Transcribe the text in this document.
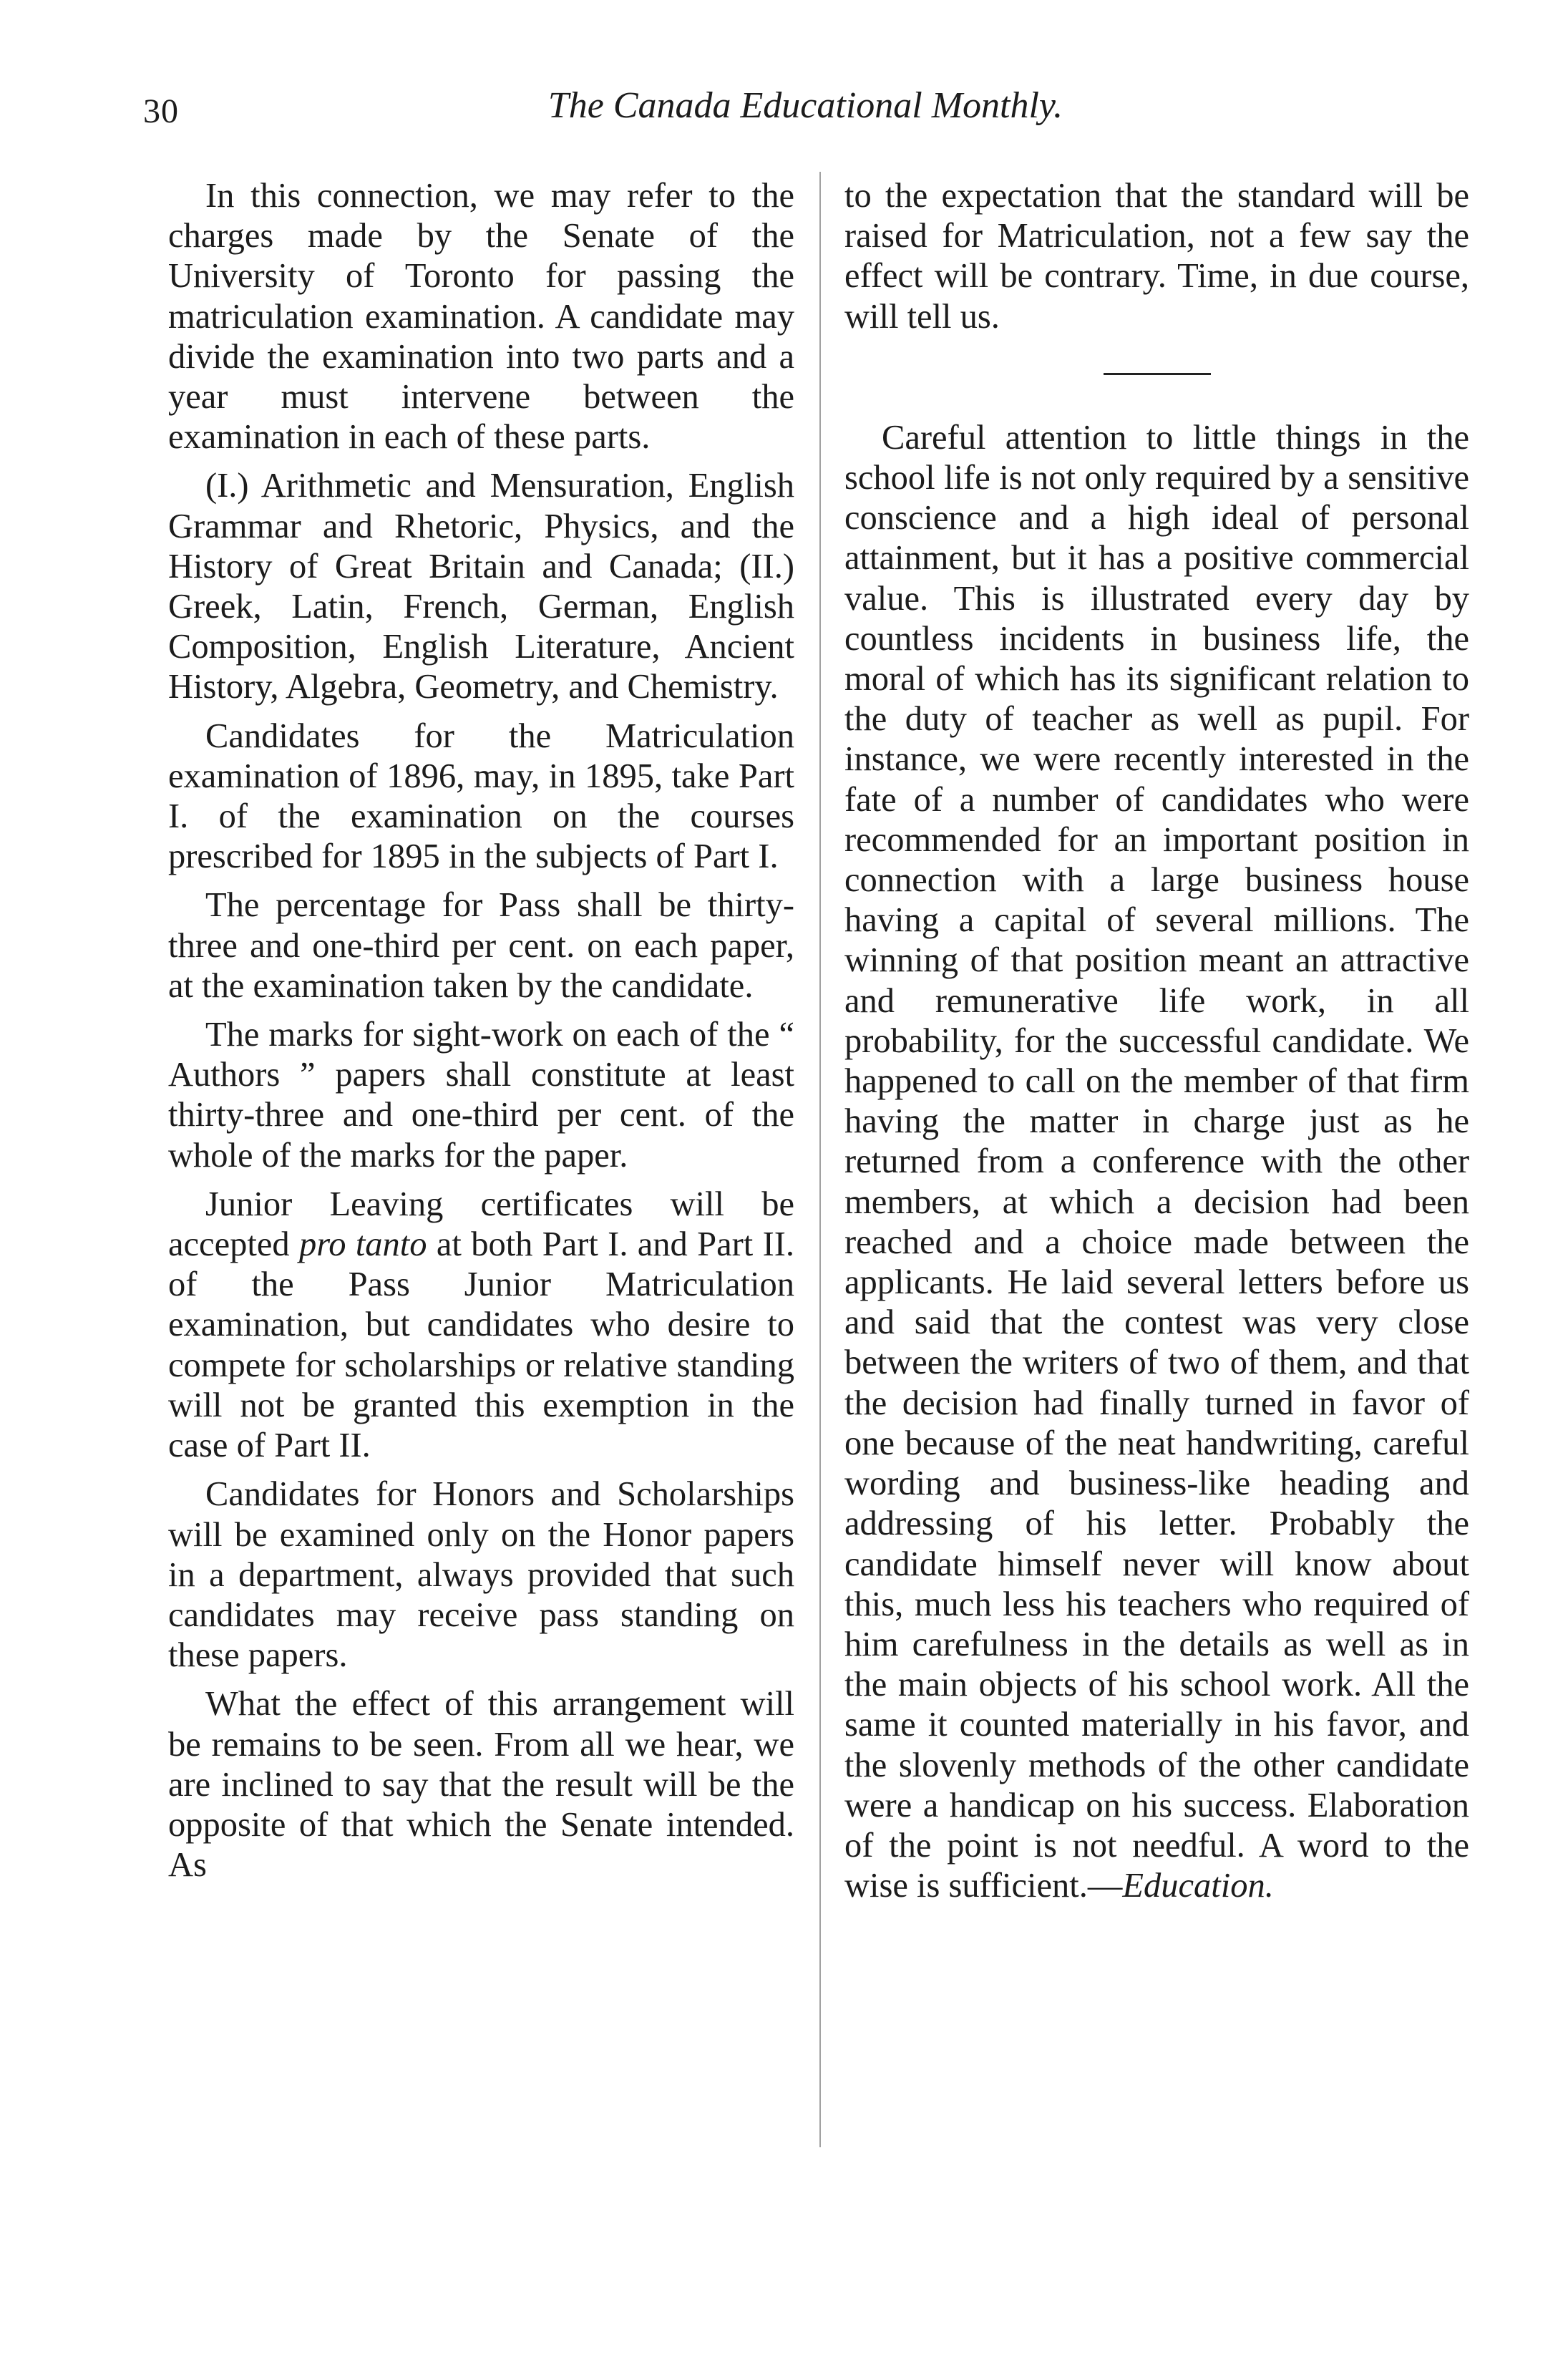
30	The Canada Educational Monthly.

In this connection, we may refer to the charges made by the Senate of the University of Toronto for passing the matriculation examination. A candidate may divide the examination into two parts and a year must intervene between the examination in each of these parts.

(I.) Arithmetic and Mensuration, English Grammar and Rhetoric, Physics, and the History of Great Britain and Canada; (II.) Greek, Latin, French, German, English Composition, English Literature, Ancient History, Algebra, Geometry, and Chemistry.

Candidates for the Matriculation examination of 1896, may, in 1895, take Part I. of the examination on the courses prescribed for 1895 in the subjects of Part I.

The percentage for Pass shall be thirty-three and one-third per cent. on each paper, at the examination taken by the candidate.

The marks for sight-work on each of the “ Authors ” papers shall constitute at least thirty-three and one-third per cent. of the whole of the marks for the paper.

Junior Leaving certificates will be accepted pro tanto at both Part I. and Part II. of the Pass Junior Matriculation examination, but candidates who desire to compete for scholarships or relative standing will not be granted this exemption in the case of Part II.

Candidates for Honors and Scholarships will be examined only on the Honor papers in a department, always provided that such candidates may receive pass standing on these papers.

What the effect of this arrangement will be remains to be seen. From all we hear, we are inclined to say that the result will be the opposite of that which the Senate intended. As

to the expectation that the standard will be raised for Matriculation, not a few say the effect will be contrary. Time, in due course, will tell us.

Careful attention to little things in the school life is not only required by a sensitive conscience and a high ideal of personal attainment, but it has a positive commercial value. This is illustrated every day by countless incidents in business life, the moral of which has its significant relation to the duty of teacher as well as pupil. For instance, we were recently interested in the fate of a number of candidates who were recommended for an important position in connection with a large business house having a capital of several millions. The winning of that position meant an attractive and remunerative life work, in all probability, for the successful candidate. We happened to call on the member of that firm having the matter in charge just as he returned from a conference with the other members, at which a decision had been reached and a choice made between the applicants. He laid several letters before us and said that the contest was very close between the writers of two of them, and that the decision had finally turned in favor of one because of the neat handwriting, careful wording and business-like heading and addressing of his letter. Probably the candidate himself never will know about this, much less his teachers who required of him carefulness in the details as well as in the main objects of his school work. All the same it counted materially in his favor, and the slovenly methods of the other candidate were a handicap on his success. Elaboration of the point is not needful. A word to the wise is sufficient.—Education.
